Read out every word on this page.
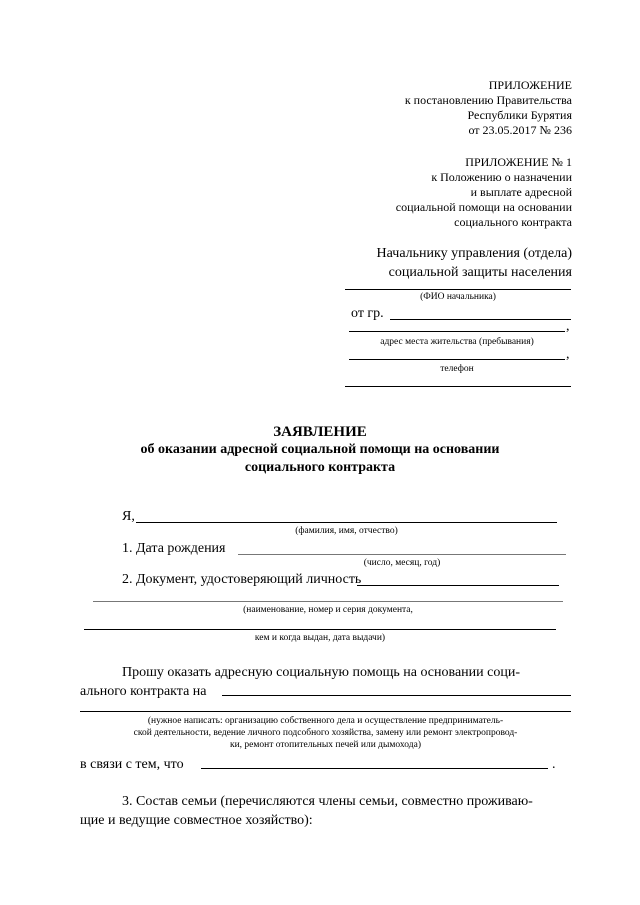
ПРИЛОЖЕНИЕ
к постановлению Правительства
Республики Бурятия
от 23.05.2017 № 236
ПРИЛОЖЕНИЕ № 1
к Положению о назначении
и выплате адресной
социальной помощи на основании
социального контракта
Начальнику управления (отдела)
социальной защиты населения
(ФИО начальника)
от гр.
,
адрес места жительства (пребывания)
,
телефон
ЗАЯВЛЕНИЕ
об оказании адресной социальной помощи на основании
социального контракта
Я,
(фамилия, имя, отчество)
1. Дата рождения
(число, месяц, год)
2. Документ, удостоверяющий личность
(наименование, номер и серия документа,
кем и когда выдан, дата выдачи)
Прошу оказать адресную социальную помощь на основании соци-
ального контракта на
(нужное написать: организацию собственного дела и осуществление предприниматель-
ской деятельности, ведение личного подсобного хозяйства, замену или ремонт электропровод-
ки, ремонт отопительных печей или дымохода)
в связи с тем, что	.
3. Состав семьи (перечисляются члены семьи, совместно проживаю-
щие и ведущие совместное хозяйство):
